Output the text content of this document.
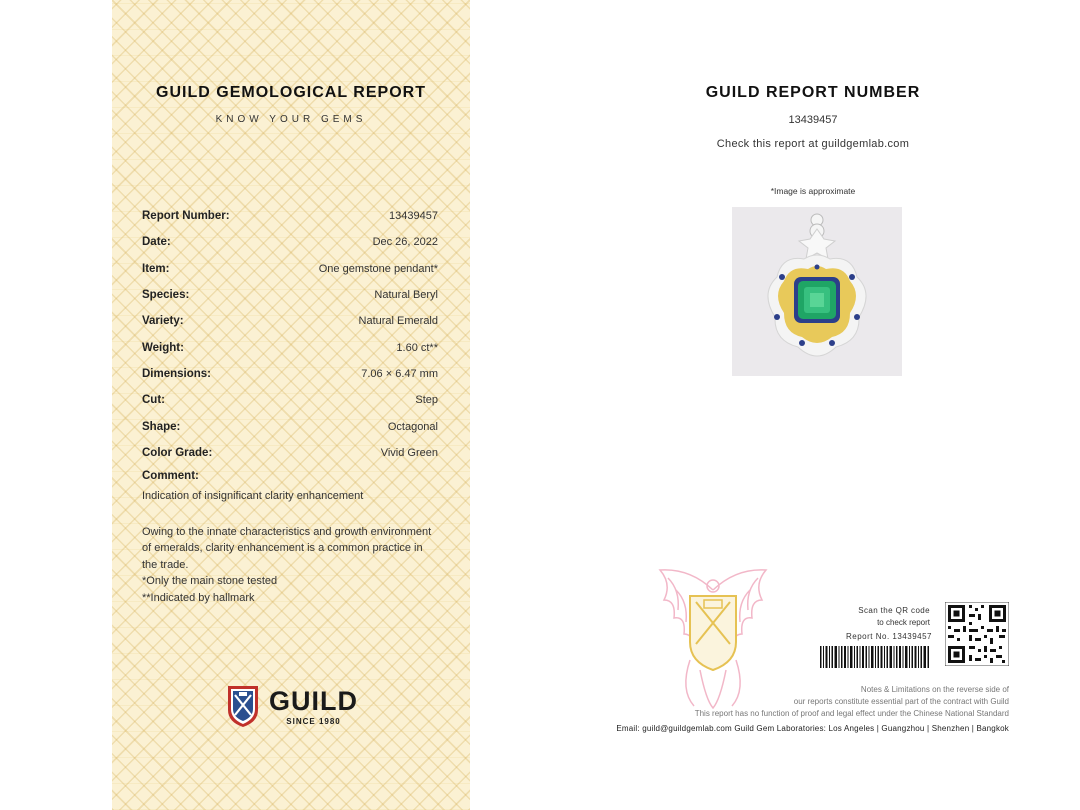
GUILD GEMOLOGICAL REPORT
KNOW YOUR GEMS
Report Number:	13439457
Date:	Dec 26, 2022
Item:	One gemstone pendant*
Species:	Natural Beryl
Variety:	Natural Emerald
Weight:	1.60 ct**
Dimensions:	7.06 × 6.47 mm
Cut:	Step
Shape:	Octagonal
Color Grade:	Vivid Green
Comment:
Indication of insignificant clarity enhancement
Owing to the innate characteristics and growth environment of emeralds, clarity enhancement is a common practice in the trade.
*Only the main stone tested
**Indicated by hallmark
GUILD
SINCE 1980
GUILD REPORT NUMBER
13439457
Check this report at guildgemlab.com
*Image is approximate
Scan the QR code
to check report
Report No. 13439457
Notes & Limitations on the reverse side of
our reports constitute essential part of the contract with Guild
This report has no function of proof and legal effect under the Chinese National Standard
Email: guild@guildgemlab.com Guild Gem Laboratories: Los Angeles | Guangzhou | Shenzhen | Bangkok
